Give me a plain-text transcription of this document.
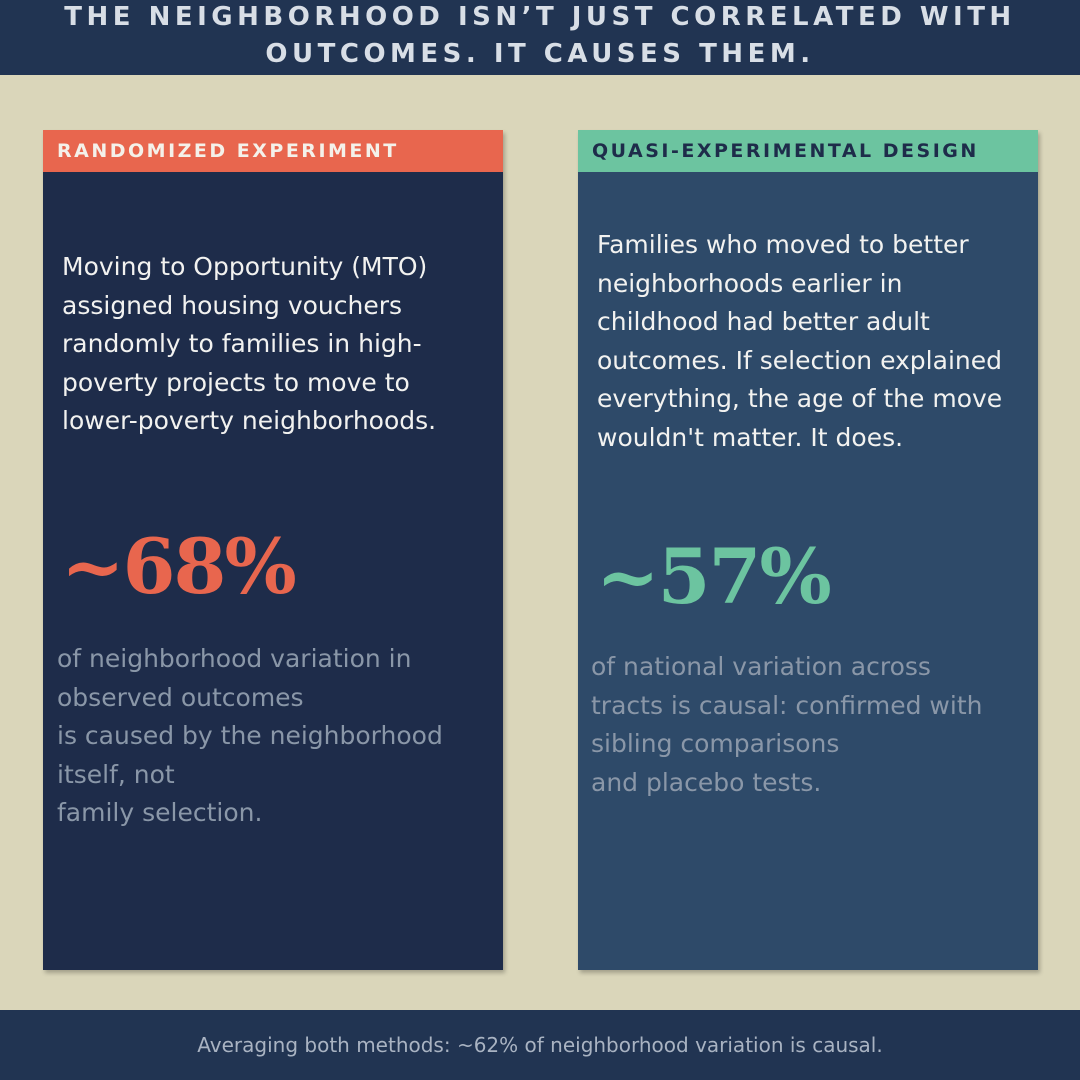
THE NEIGHBORHOOD ISN’T JUST CORRELATED WITH OUTCOMES. IT CAUSES THEM.
RANDOMIZED EXPERIMENT
Moving to Opportunity (MTO) assigned housing vouchers randomly to families in high-poverty projects to move to lower-poverty neighborhoods.
~68%
of neighborhood variation in
observed outcomes
is caused by the neighborhood
itself, not
family selection.
QUASI-EXPERIMENTAL DESIGN
Families who moved to better neighborhoods earlier in childhood had better adult outcomes. If selection explained everything, the age of the move wouldn't matter. It does.
~57%
of national variation across
tracts is causal: confirmed with
sibling comparisons
and placebo tests.
Averaging both methods: ~62% of neighborhood variation is causal.
